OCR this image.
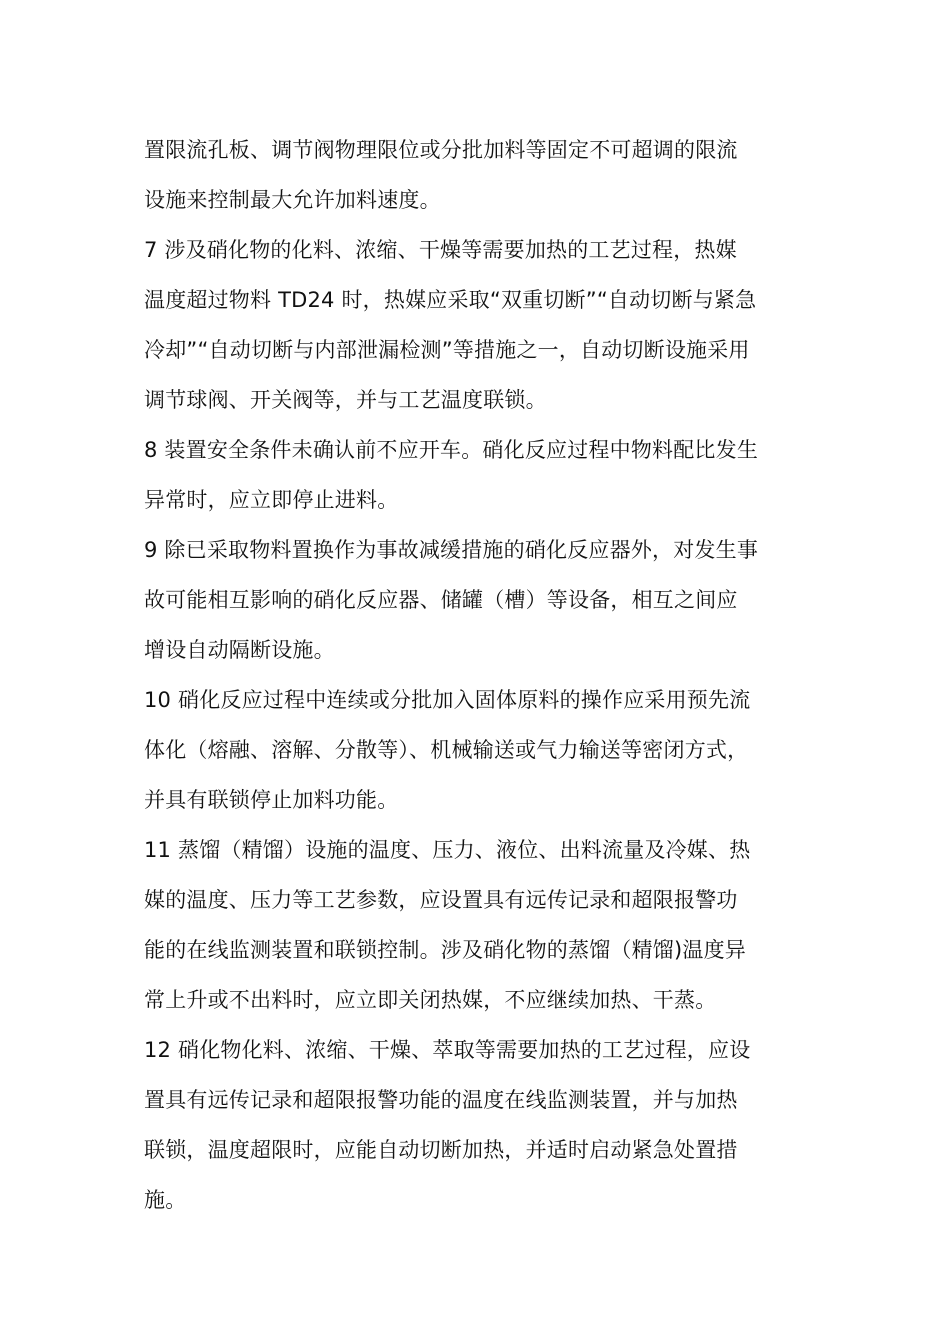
置限流孔板、调节阀物理限位或分批加料等固定不可超调的限流
设施来控制最大允许加料速度。
7 涉及硝化物的化料、浓缩、干燥等需要加热的工艺过程，热媒
温度超过物料 TD24 时，热媒应采取“双重切断”“自动切断与紧急
冷却”“自动切断与内部泄漏检测”等措施之一，自动切断设施采用
调节球阀、开关阀等，并与工艺温度联锁。
8 装置安全条件未确认前不应开车。硝化反应过程中物料配比发生
异常时，应立即停止进料。
9 除已采取物料置换作为事故减缓措施的硝化反应器外，对发生事
故可能相互影响的硝化反应器、储罐（槽）等设备，相互之间应
增设自动隔断设施。
10 硝化反应过程中连续或分批加入固体原料的操作应采用预先流
体化（熔融、溶解、分散等）、机械输送或气力输送等密闭方式，
并具有联锁停止加料功能。
11 蒸馏（精馏）设施的温度、压力、液位、出料流量及冷媒、热
媒的温度、压力等工艺参数，应设置具有远传记录和超限报警功
能的在线监测装置和联锁控制。涉及硝化物的蒸馏（精馏)温度异
常上升或不出料时，应立即关闭热媒，不应继续加热、干蒸。
12 硝化物化料、浓缩、干燥、萃取等需要加热的工艺过程，应设
置具有远传记录和超限报警功能的温度在线监测装置，并与加热
联锁，温度超限时，应能自动切断加热，并适时启动紧急处置措
施。
